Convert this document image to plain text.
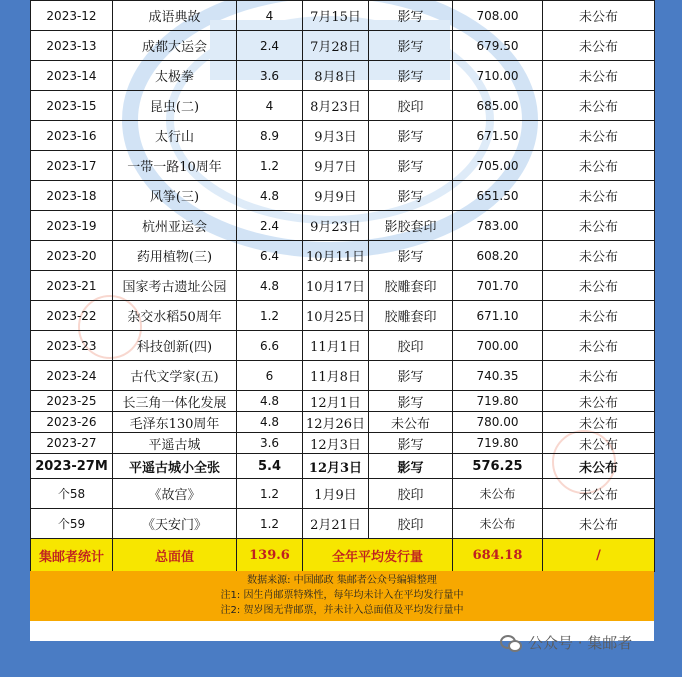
2023-12	成语典故	4	7月15日	影写	708.00	未公布
2023-13	成都大运会	2.4	7月28日	影写	679.50	未公布
2023-14	太极拳	3.6	8月8日	影写	710.00	未公布
2023-15	昆虫(二)	4	8月23日	胶印	685.00	未公布
2023-16	太行山	8.9	9月3日	影写	671.50	未公布
2023-17	一带一路10周年	1.2	9月7日	影写	705.00	未公布
2023-18	风筝(三)	4.8	9月9日	影写	651.50	未公布
2023-19	杭州亚运会	2.4	9月23日	影胶套印	783.00	未公布
2023-20	药用植物(三)	6.4	10月11日	影写	608.20	未公布
2023-21	国家考古遗址公园	4.8	10月17日	胶雕套印	701.70	未公布
2023-22	杂交水稻50周年	1.2	10月25日	胶雕套印	671.10	未公布
2023-23	科技创新(四)	6.6	11月1日	胶印	700.00	未公布
2023-24	古代文学家(五)	6	11月8日	影写	740.35	未公布
2023-25	长三角一体化发展	4.8	12月1日	影写	719.80	未公布
2023-26	毛泽东130周年	4.8	12月26日	未公布	780.00	未公布
2023-27	平遥古城	3.6	12月3日	影写	719.80	未公布
2023-27M	平遥古城小全张	5.4	12月3日	影写	576.25	未公布
个58	《故宫》	1.2	1月9日	胶印	未公布	未公布
个59	《天安门》	1.2	2月21日	胶印	未公布	未公布
集邮者统计	总面值	139.6	全年平均发行量		684.18	/
数据来源: 中国邮政 集邮者公众号编辑整理
注1: 因生肖邮票特殊性，每年均未计入在平均发行量中
注2: 贺岁图无背邮票，并未计入总面值及平均发行量中
公众号 · 集邮者
